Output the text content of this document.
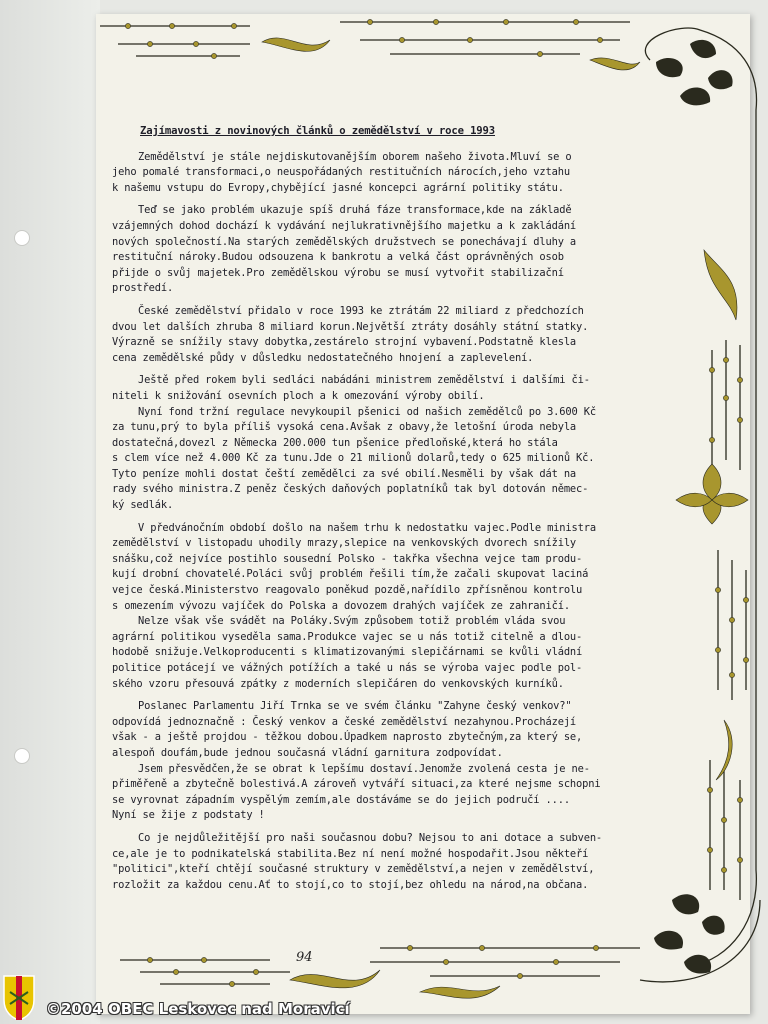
Zajímavosti z novinových článků o zemědělství v roce 1993
Zemědělství je stále nejdiskutovanějším oborem našeho života.Mluví se o
jeho pomalé transformaci,o neuspořádaných restitučních nárocích,jeho vztahu
k našemu vstupu do Evropy,chybějící jasné koncepci agrární politiky státu.
Teď se jako problém ukazuje spíš druhá fáze transformace,kde na základě
vzájemných dohod dochází k vydávání nejlukrativnějšího majetku a k zakládání
nových společností.Na starých zemědělských družstvech se ponechávají dluhy a
restituční nároky.Budou odsouzena k bankrotu a velká část oprávněných osob
přijde o svůj majetek.Pro zemědělskou výrobu se musí vytvořit stabilizační
prostředí.
České zemědělství přidalo v roce 1993 ke ztrátám 22 miliard z předchozích
dvou let dalších zhruba 8 miliard korun.Největší ztráty dosáhly státní statky.
Výrazně se snížily stavy dobytka,zestárelo strojní vybavení.Podstatně klesla
cena zemědělské půdy v důsledku nedostatečného hnojení a zaplevelení.
Ještě před rokem byli sedláci nabádáni ministrem zemědělství i dalšími či-
niteli k snižování osevních ploch a k omezování výroby obilí.
Nyní fond tržní regulace nevykoupil pšenici od našich zemědělců po 3.600 Kč
za tunu,prý to byla příliš vysoká cena.Avšak z obavy,že letošní úroda nebyla
dostatečná,dovezl z Německa 200.000 tun pšenice předloňské,která ho stála
s clem více než 4.000 Kč za tunu.Jde o 21 milionů dolarů,tedy o 625 milionů Kč.
Tyto peníze mohli dostat čeští zemědělci za své obilí.Nesměli by však dát na
rady svého ministra.Z peněz českých daňových poplatníků tak byl dotován němec-
ký sedlák.
V předvánočním období došlo na našem trhu k nedostatku vajec.Podle ministra
zemědělství v listopadu uhodily mrazy,slepice na venkovských dvorech snížily
snášku,což nejvíce postihlo sousední Polsko - takřka všechna vejce tam produ-
kují drobní chovatelé.Poláci svůj problém řešili tím,že začali skupovat laciná
vejce česká.Ministerstvo reagovalo poněkud pozdě,nařídilo zpřísněnou kontrolu
s omezením vývozu vajíček do Polska a dovozem drahých vajíček ze zahraničí.
Nelze však vše svádět na Poláky.Svým způsobem totiž problém vláda svou
agrární politikou vyseděla sama.Produkce vajec se u nás totiž citelně a dlou-
hodobě snižuje.Velkoproducenti s klimatizovanými slepičárnami se kvůli vládní
politice potácejí ve vážných potížích a také u nás se výroba vajec podle pol-
ského vzoru přesouvá zpátky z moderních slepičáren do venkovských kurníků.
Poslanec Parlamentu Jiří Trnka se ve svém článku "Zahyne český venkov?"
odpovídá jednoznačně : Český venkov a české zemědělství nezahynou.Procházejí
však - a ještě projdou - těžkou dobou.Úpadkem naprosto zbytečným,za který se,
alespoň doufám,bude jednou současná vládní garnitura zodpovídat.
Jsem přesvědčen,že se obrat k lepšímu dostaví.Jenomže zvolená cesta je ne-
přiměřeně a zbytečně bolestivá.A zároveň vytváří situaci,za které nejsme schopni
se vyrovnat západním vyspělým zemím,ale dostáváme se do jejich područí ....
Nyní se žije z podstaty !
Co je nejdůležitější pro naši současnou dobu? Nejsou to ani dotace a subven-
ce,ale je to podnikatelská stabilita.Bez ní není možné hospodařit.Jsou někteří
"politici",kteří chtějí současné struktury v zemědělství,a nejen v zemědělství,
rozložit za každou cenu.Ať to stojí,co to stojí,bez ohledu na národ,na občana.
94
©2004 OBEC Leskovec nad Moravicí
